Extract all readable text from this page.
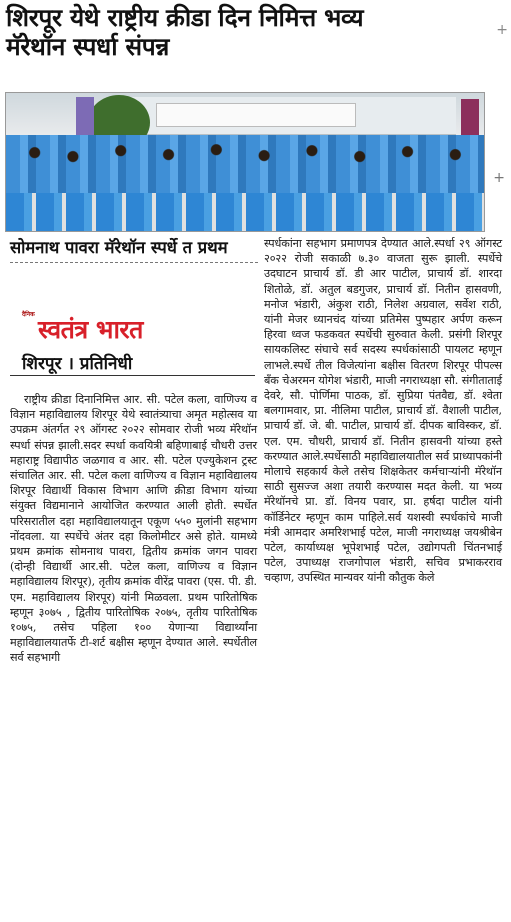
शिरपूर येथे राष्ट्रीय क्रीडा दिन निमित्त भव्य
मॅरेथॉन स्पर्धा संपन्न
+
+
सोमनाथ पावरा मॅरेथॉन स्पर्धे त प्रथम
दैनिक
स्वतंत्र भारत
शिरपूर । प्रतिनिधी

राष्ट्रीय क्रीडा दिनानिमित्त आर. सी. पटेल कला, वाणिज्य व विज्ञान महाविद्यालय शिरपूर येथे स्वातंत्र्याचा अमृत महोत्सव या उपक्रम अंतर्गत २९ ऑगस्ट २०२२ सोमवार रोजी भव्य मॅरेथॉन स्पर्धा संपन्न झाली.सदर स्पर्धा कवयित्री बहिणाबाई चौधरी उत्तर महाराष्ट्र विद्यापीठ जळगाव व आर. सी. पटेल एज्युकेशन ट्रस्ट संचालित आर. सी. पटेल कला वाणिज्य व विज्ञान महाविद्यालय शिरपूर विद्यार्थी विकास विभाग आणि क्रीडा विभाग यांच्या संयुक्त विद्यमानाने आयोजित करण्यात आली होती. स्पर्धेत परिसरातील दहा महाविद्यालयातून एकूण ५५० मुलांनी सहभाग नोंदवला. या स्पर्धेचे अंतर दहा किलोमीटर असे होते. यामध्ये प्रथम क्रमांक सोमनाथ पावरा, द्वितीय क्रमांक जगन पावरा (दोन्ही विद्यार्थी आर.सी. पटेल कला, वाणिज्य व विज्ञान महाविद्यालय शिरपूर), तृतीय क्रमांक वीरेंद्र पावरा (एस. पी. डी. एम. महाविद्यालय शिरपूर) यांनी मिळवला. प्रथम पारितोषिक म्हणून ३०७५ , द्वितीय पारितोषिक २०७५, तृतीय पारितोषिक १०७५, तसेच पहिला १०० येणाऱ्या विद्यार्थ्यांना महाविद्यालयातर्फे टी-शर्ट बक्षीस म्हणून देण्यात आले. स्पर्धेतील सर्व सहभागी

स्पर्धकांना सहभाग प्रमाणपत्र देण्यात आले.स्पर्धा २९ ऑगस्ट २०२२ रोजी सकाळी ७.३० वाजता सुरू झाली. स्पर्धेचे उदघाटन प्राचार्य डॉ. डी आर पाटील, प्राचार्य डॉ. शारदा शितोळे, डॉ. अतुल बडगुजर, प्राचार्य डॉ. नितीन हासवणी, मनोज भंडारी, अंकुश राठी, निलेश अग्रवाल, सर्वेश राठी, यांनी मेजर ध्यानचंद यांच्या प्रतिमेस पुष्पहार अर्पण करून हिरवा ध्वज फडकवत स्पर्धेची सुरुवात केली. प्रसंगी शिरपूर सायकलिस्ट संघाचे सर्व सदस्य स्पर्धकांसाठी पायलट म्हणून लाभले.स्पर्धे तील विजेत्यांना बक्षीस वितरण शिरपूर पीपल्स बँक चेअरमन योगेश भंडारी, माजी नगराध्यक्षा सौ. संगीताताई देवरे, सौ. पोर्णिमा पाठक, डॉ. सुप्रिया पंतवैद्य, डॉ. श्वेता बलगामवार, प्रा. नीलिमा पाटील, प्राचार्य डॉ. वैशाली पाटील, प्राचार्य डॉ. जे. बी. पाटील, प्राचार्य डॉ. दीपक बाविस्कर, डॉ. एल. एम. चौधरी, प्राचार्य डॉ. नितीन हासवनी यांच्या हस्ते करण्यात आले.स्पर्धेसाठी महाविद्यालयातील सर्व प्राध्यापकांनी मोलाचे सहकार्य केले तसेच शिक्षकेतर कर्मचाऱ्यांनी मॅरेथॉन साठी सुसज्ज अशा तयारी करण्यास मदत केली. या भव्य मॅरेथॉनचे प्रा. डॉ. विनय पवार, प्रा. हर्षदा पाटील यांनी कॉर्डिनेटर म्हणून काम पाहिले.सर्व यशस्वी स्पर्धकांचे माजी मंत्री आमदार अमरिशभाई पटेल, माजी नगराध्यक्ष जयश्रीबेन पटेल, कार्याध्यक्ष भूपेशभाई पटेल, उद्योगपती चिंतनभाई पटेल, उपाध्यक्ष राजगोपाल भंडारी, सचिव प्रभाकरराव चव्हाण, उपस्थित मान्यवर यांनी कौतुक केले
